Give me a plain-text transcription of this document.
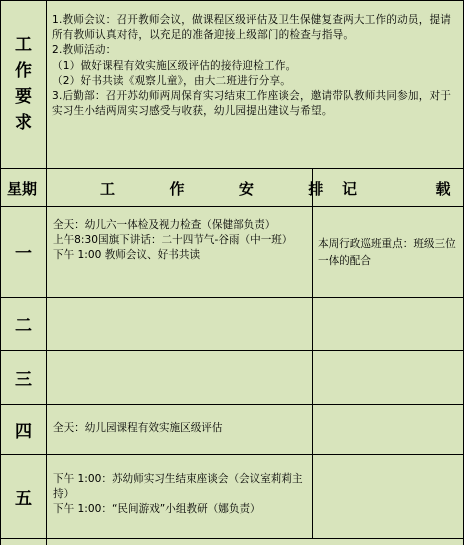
工
作
要
求
1.教师会议：召开教师会议，做课程区级评估及卫生保健复查两大工作的动员，提请所有教师认真对待，以充足的准备迎接上级部门的检查与指导。
2.教师活动：
（1）做好课程有效实施区级评估的接待迎检工作。
（2）好书共读《观察儿童》，由大二班进行分享。
3.后勤部：召开苏幼师两周保育实习结束工作座谈会，邀请带队教师共同参加，对于实习生小结两周实习感受与收获，幼儿园提出建议与希望。
星期	工  作  安  排 记  载
一
全天：幼儿六一体检及视力检查（保健部负责）
上午8:30国旗下讲话：二十四节气-谷雨（中一班）
下午 1:00 教师会议、好书共读
本周行政巡班重点：班级三位一体的配合
二
三
四	全天：幼儿园课程有效实施区级评估
五
下午 1:00：苏幼师实习生结束座谈会（会议室莉莉主持）
下午 1:00：“民间游戏”小组教研（娜负责）
